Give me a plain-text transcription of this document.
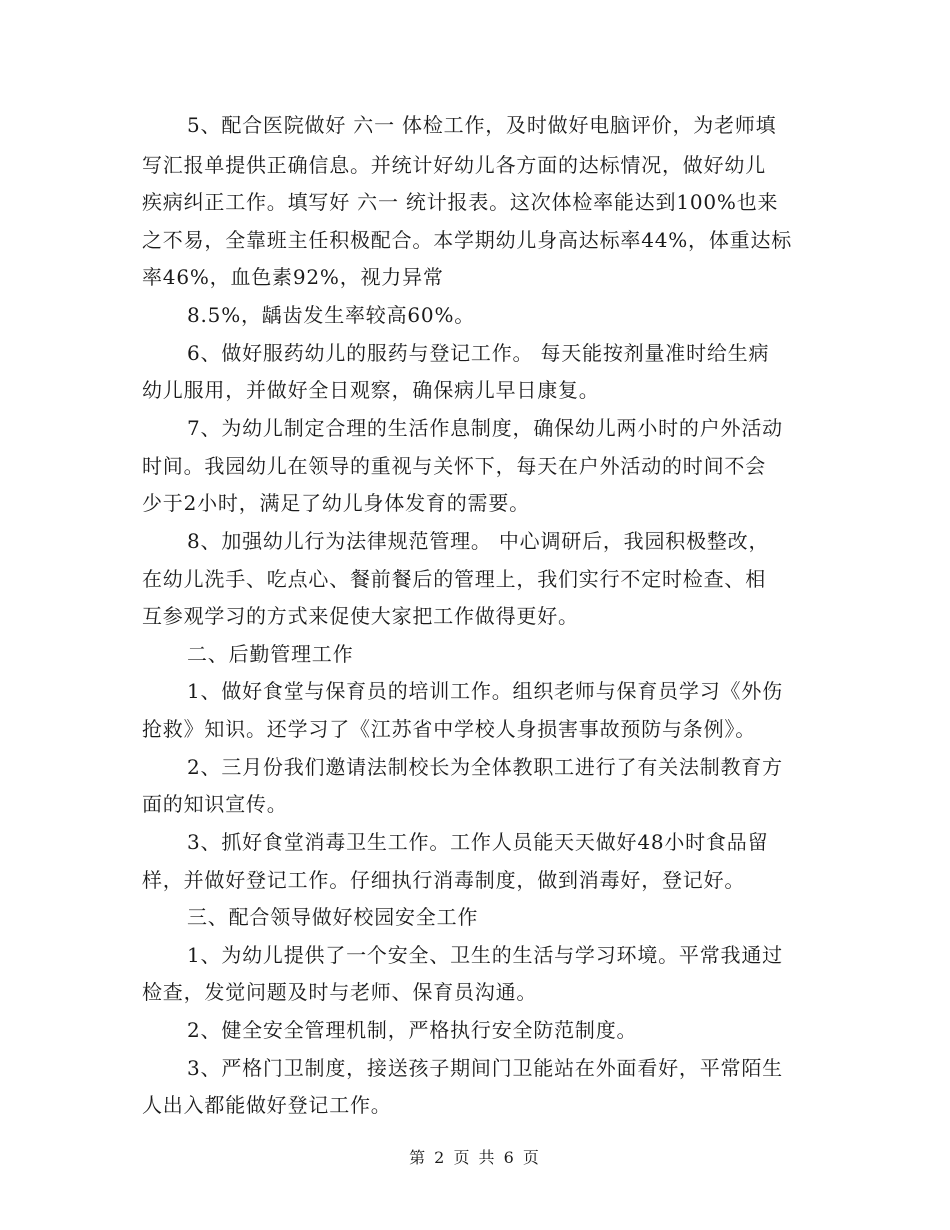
5、配合医院做好 六一 体检工作，及时做好电脑评价，为老师填
写汇报单提供正确信息。并统计好幼儿各方面的达标情况，做好幼儿
疾病纠正工作。填写好 六一 统计报表。这次体检率能达到100%也来
之不易，全靠班主任积极配合。本学期幼儿身高达标率44%，体重达标
率46%，血色素92%，视力异常
8.5%，龋齿发生率较高60%。
6、做好服药幼儿的服药与登记工作。 每天能按剂量准时给生病
幼儿服用，并做好全日观察，确保病儿早日康复。
7、为幼儿制定合理的生活作息制度，确保幼儿两小时的户外活动
时间。我园幼儿在领导的重视与关怀下，每天在户外活动的时间不会
少于2小时，满足了幼儿身体发育的需要。
8、加强幼儿行为法律规范管理。 中心调研后，我园积极整改，
在幼儿洗手、吃点心、餐前餐后的管理上，我们实行不定时检查、相
互参观学习的方式来促使大家把工作做得更好。
二、后勤管理工作
1、做好食堂与保育员的培训工作。组织老师与保育员学习《外伤
抢救》知识。还学习了《江苏省中学校人身损害事故预防与条例》。
2、三月份我们邀请法制校长为全体教职工进行了有关法制教育方
面的知识宣传。
3、抓好食堂消毒卫生工作。工作人员能天天做好48小时食品留
样，并做好登记工作。仔细执行消毒制度，做到消毒好，登记好。
三、配合领导做好校园安全工作
1、为幼儿提供了一个安全、卫生的生活与学习环境。平常我通过
检查，发觉问题及时与老师、保育员沟通。
2、健全安全管理机制，严格执行安全防范制度。
3、严格门卫制度，接送孩子期间门卫能站在外面看好，平常陌生
人出入都能做好登记工作。
第 2 页 共 6 页
